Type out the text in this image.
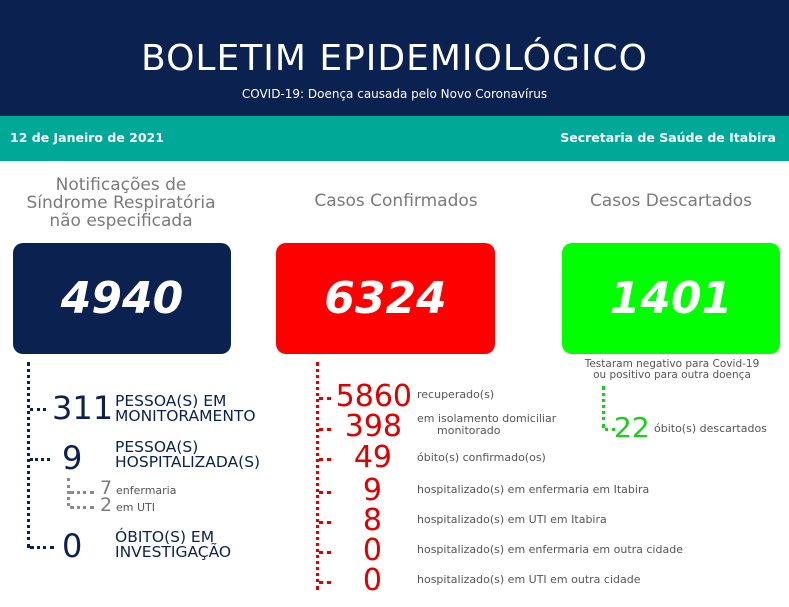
BOLETIM EPIDEMIOLÓGICO
COVID-19: Doença causada pelo Novo Coronavírus
12 de Janeiro de 2021	Secretaria de Saúde de Itabira
Notificações de
Síndrome Respiratória
não especificada
4940
311 PESSOA(S) EM
MONITORAMENTO
9 PESSOA(S)
HOSPITALIZADA(S)
7 enfermaria
2 em UTI
0 ÓBITO(S) EM
INVESTIGAÇÃO
Casos Confirmados
6324
5860 recuperado(s)
398 em isolamento domiciliar
monitorado
49 óbito(s) confirmado(os)
9	hospitalizado(s) em enfermaria em Itabira
8	hospitalizado(s) em UTI em Itabira
0	hospitalizado(s) em enfermaria em outra cidade
0	hospitalizado(s) em UTI em outra cidade
Casos Descartados
1401
Testaram negativo para Covid-19
ou positivo para outra doença
22 óbito(s) descartados
